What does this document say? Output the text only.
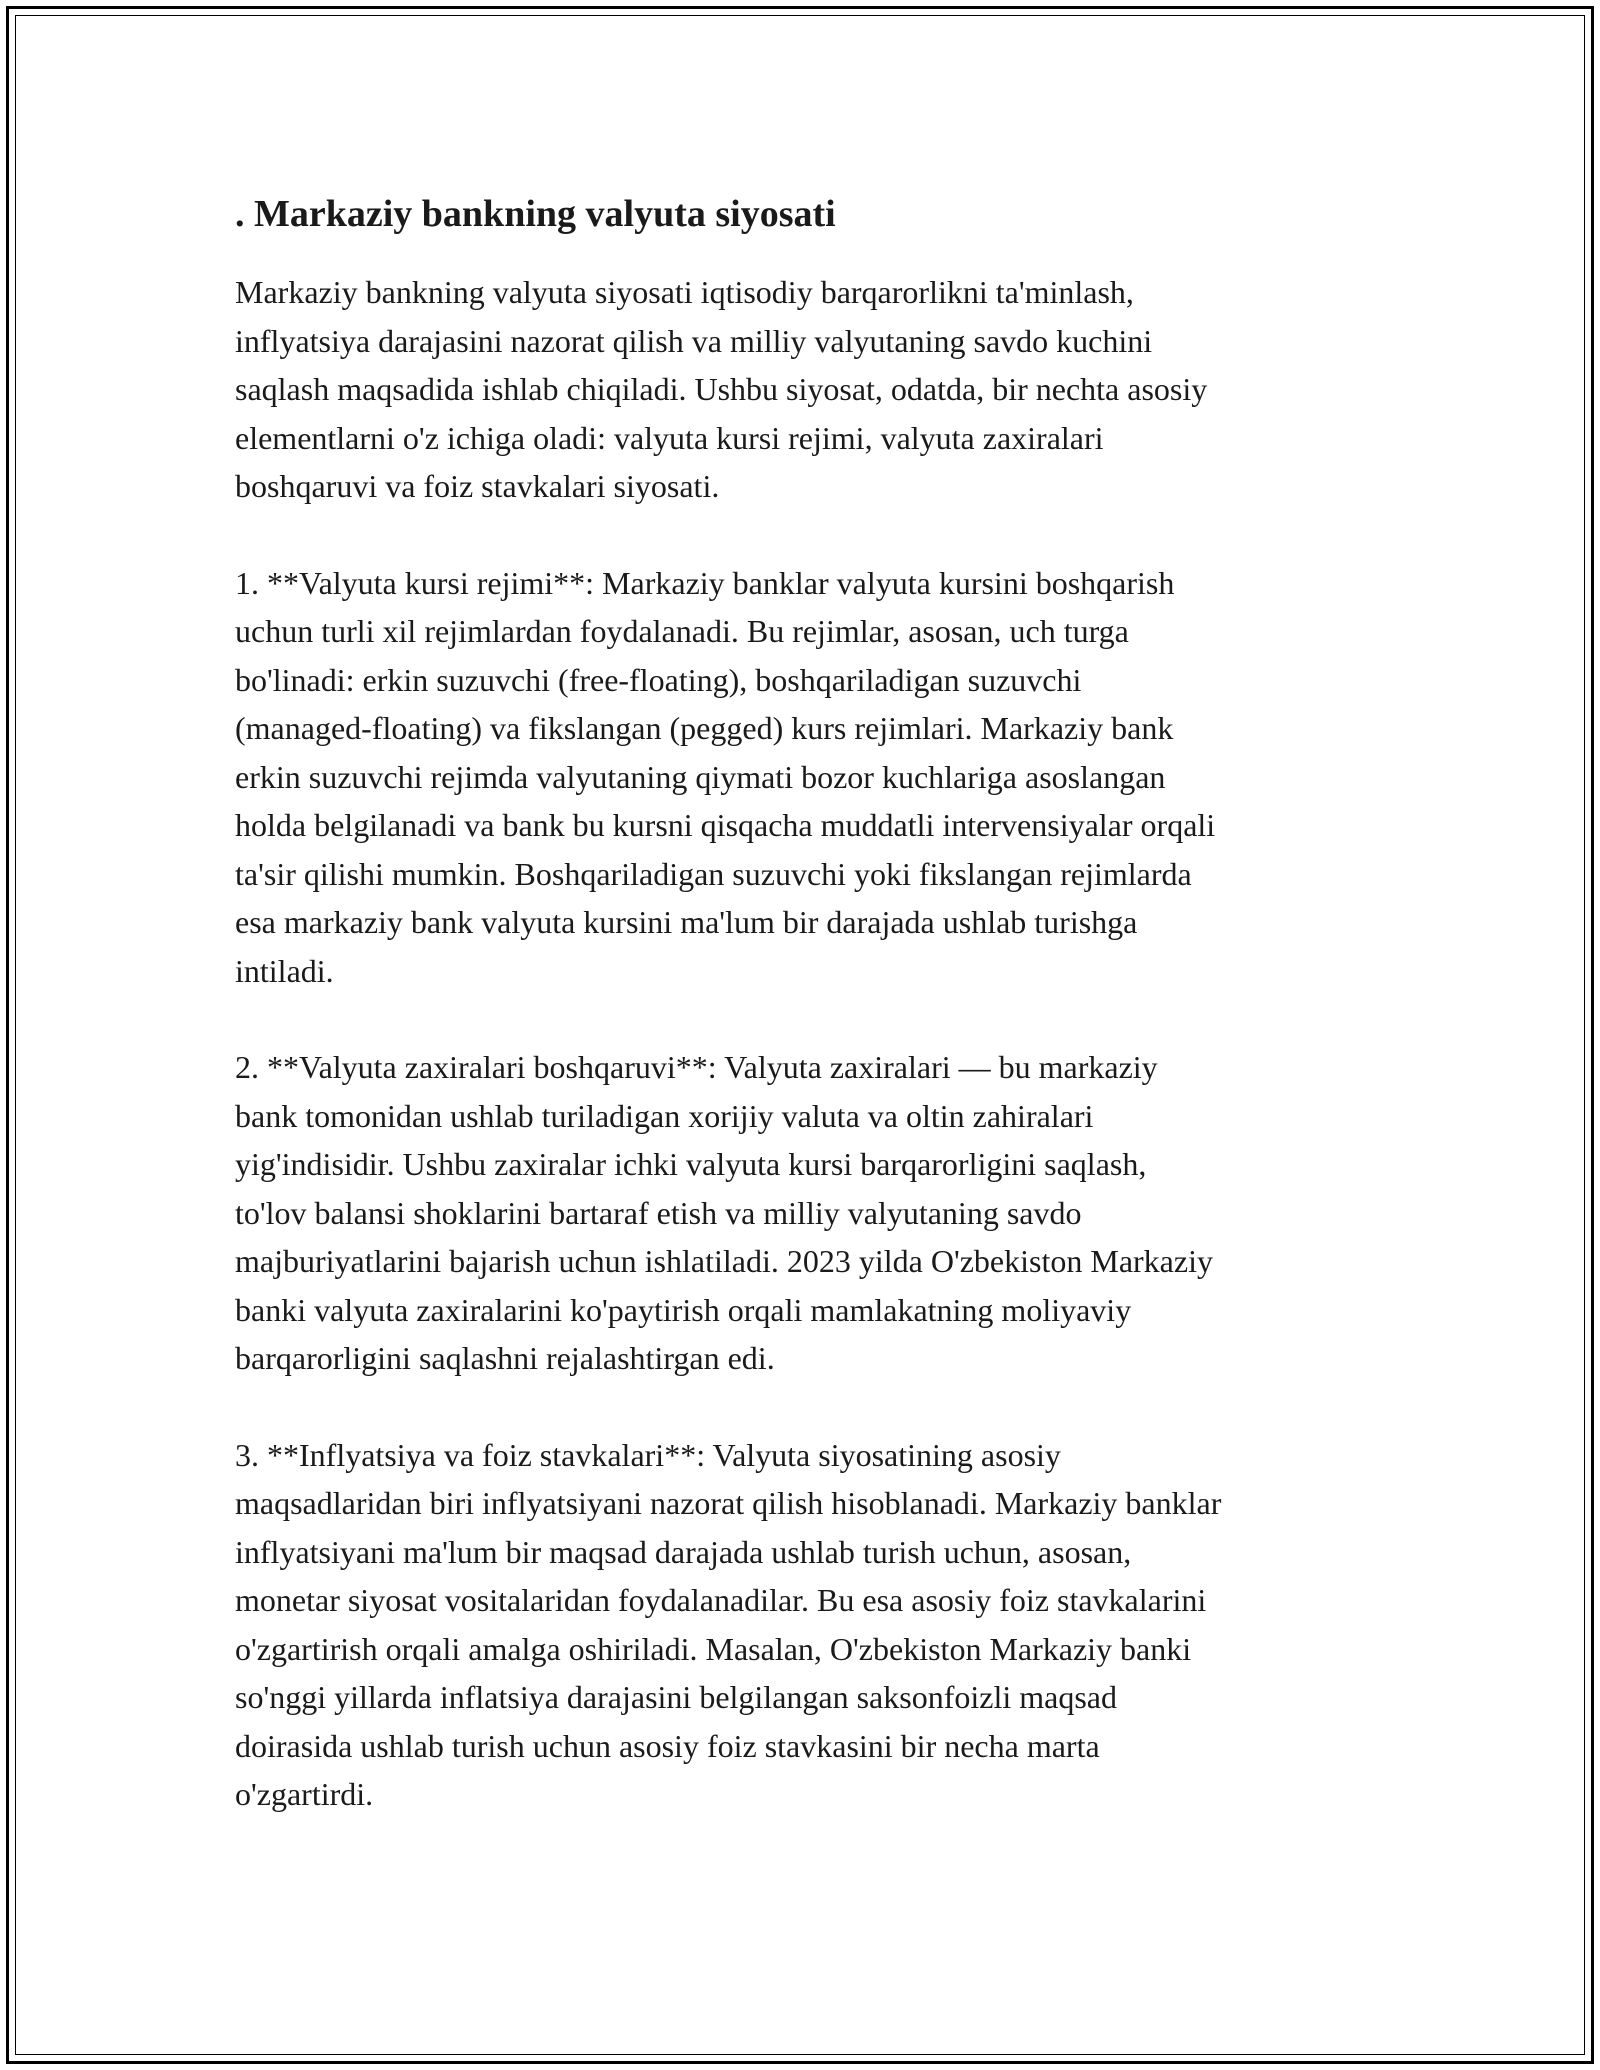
. Markaziy bankning valyuta siyosati

Markaziy bankning valyuta siyosati iqtisodiy barqarorlikni ta'minlash,
inflyatsiya darajasini nazorat qilish va milliy valyutaning savdo kuchini
saqlash maqsadida ishlab chiqiladi. Ushbu siyosat, odatda, bir nechta asosiy
elementlarni o'z ichiga oladi: valyuta kursi rejimi, valyuta zaxiralari
boshqaruvi va foiz stavkalari siyosati.

1. **Valyuta kursi rejimi**: Markaziy banklar valyuta kursini boshqarish
uchun turli xil rejimlardan foydalanadi. Bu rejimlar, asosan, uch turga
bo'linadi: erkin suzuvchi (free-floating), boshqariladigan suzuvchi
(managed-floating) va fikslangan (pegged) kurs rejimlari. Markaziy bank
erkin suzuvchi rejimda valyutaning qiymati bozor kuchlariga asoslangan
holda belgilanadi va bank bu kursni qisqacha muddatli intervensiyalar orqali
ta'sir qilishi mumkin. Boshqariladigan suzuvchi yoki fikslangan rejimlarda
esa markaziy bank valyuta kursini ma'lum bir darajada ushlab turishga
intiladi.

2. **Valyuta zaxiralari boshqaruvi**: Valyuta zaxiralari — bu markaziy
bank tomonidan ushlab turiladigan xorijiy valuta va oltin zahiralari
yig'indisidir. Ushbu zaxiralar ichki valyuta kursi barqarorligini saqlash,
to'lov balansi shoklarini bartaraf etish va milliy valyutaning savdo
majburiyatlarini bajarish uchun ishlatiladi. 2023 yilda O'zbekiston Markaziy
banki valyuta zaxiralarini ko'paytirish orqali mamlakatning moliyaviy
barqarorligini saqlashni rejalashtirgan edi.

3. **Inflyatsiya va foiz stavkalari**: Valyuta siyosatining asosiy
maqsadlaridan biri inflyatsiyani nazorat qilish hisoblanadi. Markaziy banklar
inflyatsiyani ma'lum bir maqsad darajada ushlab turish uchun, asosan,
monetar siyosat vositalaridan foydalanadilar. Bu esa asosiy foiz stavkalarini
o'zgartirish orqali amalga oshiriladi. Masalan, O'zbekiston Markaziy banki
so'nggi yillarda inflatsiya darajasini belgilangan saksonfoizli maqsad
doirasida ushlab turish uchun asosiy foiz stavkasini bir necha marta
o'zgartirdi.
